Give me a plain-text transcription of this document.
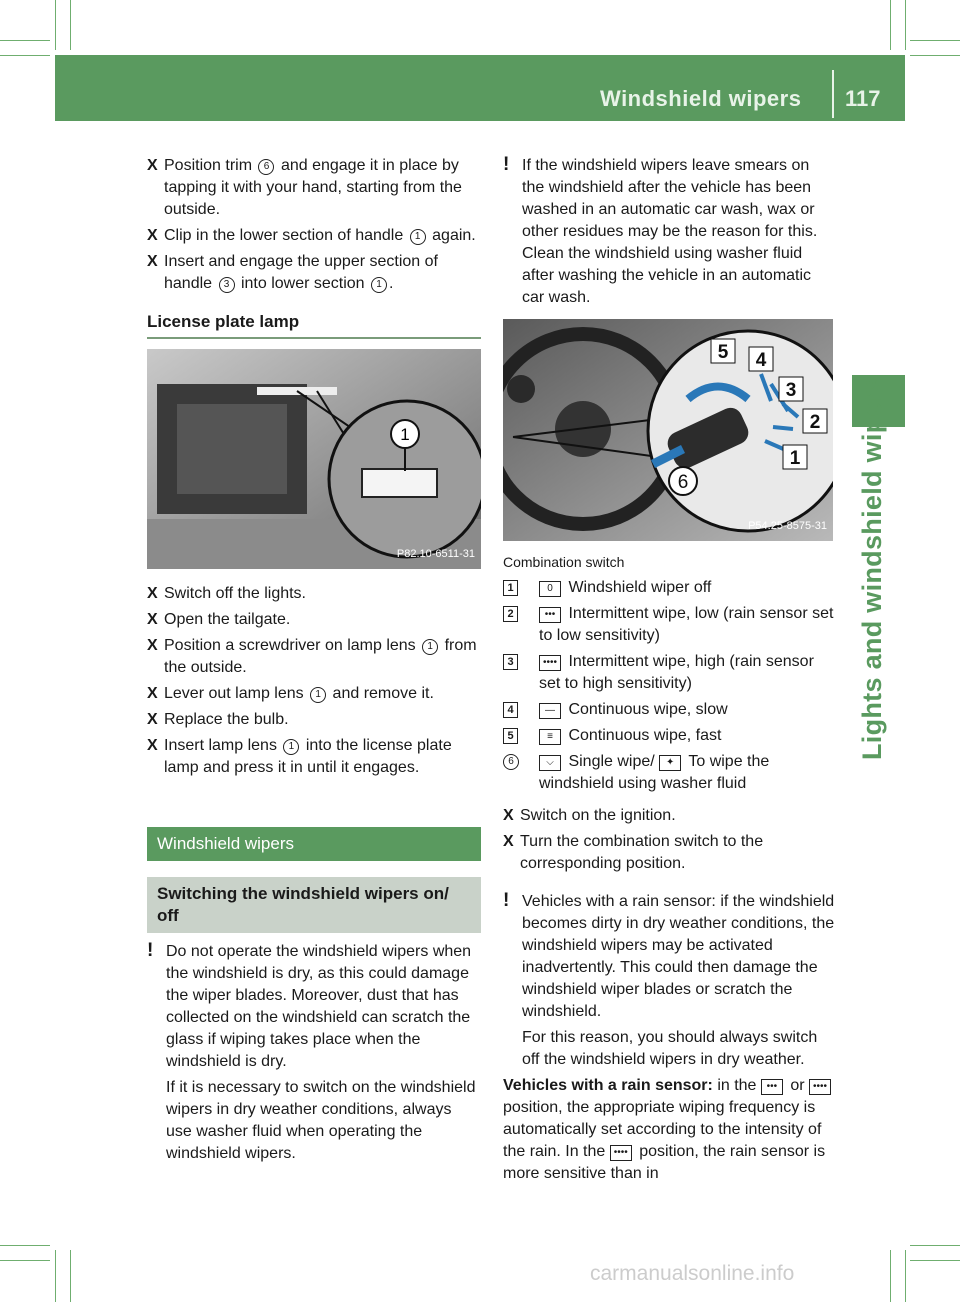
Windshield wipers 117
Lights and windshield wipers
X Position trim 6 and engage it in place by tapping it with your hand, starting from the outside.
X Clip in the lower section of handle 1 again.
X Insert and engage the upper section of handle 3 into lower section 1 .
License plate lamp
1
P82.10-6511-31
X Switch off the lights.
X Open the tailgate.
X Position a screwdriver on lamp lens 1 from the outside.
X Lever out lamp lens 1 and remove it.
X Replace the bulb.
X Insert lamp lens 1 into the license plate lamp and press it in until it engages.
Windshield wipers
Switching the windshield wipers on/ off
! Do not operate the windshield wipers when the windshield is dry, as this could damage the wiper blades. Moreover, dust that has collected on the windshield can scratch the glass if wiping takes place when the windshield is dry.
If it is necessary to switch on the windshield wipers in dry weather conditions, always use washer fluid when operating the windshield wipers.
! If the windshield wipers leave smears on the windshield after the vehicle has been washed in an automatic car wash, wax or other residues may be the reason for this. Clean the windshield using washer fluid after washing the vehicle in an automatic car wash.
5 4
3
2
1
6
P54.25-8575-31
Combination switch
1	0 Windshield wiper off
2	••• Intermittent wipe, low (rain sensor set to low sensitivity)
3	•••• Intermittent wipe, high (rain sensor set to high sensitivity)
4	— Continuous wipe, slow
5	≡ Continuous wipe, fast
6	⌵ Single wipe/ ✦ To wipe the windshield using washer fluid
X Switch on the ignition.
X Turn the combination switch to the corresponding position.
! Vehicles with a rain sensor: if the windshield becomes dirty in dry weather conditions, the windshield wipers may be activated inadvertently. This could then damage the windshield wiper blades or scratch the windshield.
For this reason, you should always switch off the windshield wipers in dry weather.
Vehicles with a rain sensor: in the ••• or •••• position, the appropriate wiping frequency is automatically set according to the intensity of the rain. In the •••• position, the rain sensor is more sensitive than in
carmanualsonline.info
